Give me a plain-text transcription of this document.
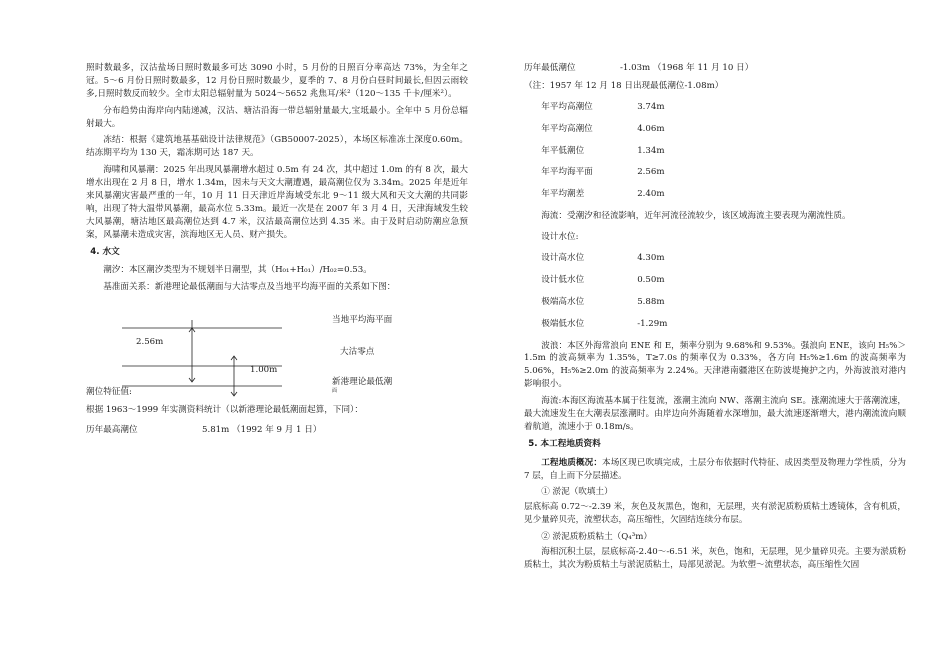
照时数最多，汉沽盐场日照时数最多可达 3090 小时，5 月份的日照百分率高达 73%，为全年之冠。5～6 月份日照时数最多，12 月份日照时数最少，夏季的 7、8 月份白昼时间最长,但因云雨较多,日照时数反而较少。全市太阳总辐射量为 5024～5652 兆焦耳/米²（120～135 千卡/厘米²）。

分布趋势由海岸向内陆递减，汉沽、塘沽沿海一带总辐射量最大,宝坻最小。全年中 5 月份总辐射最大。

冻结：根据《建筑地基基础设计法律规范》（GB50007-2025），本场区标准冻土深度0.60m。结冻期平均为 130 天，霜冻期可达 187 天。

海啸和风暴潮：2025 年出现风暴潮增水超过 0.5m 有 24 次，其中超过 1.0m 的有 8 次，最大增水出现在 2 月 8 日，增水 1.34m，因未与天文大潮遭遇，最高潮位仅为 3.34m。2025 年是近年来风暴潮灾害最严重的一年，10 月 11 日天津近岸海域受东北 9～11 级大风和天文大潮的共同影响，出现了特大温带风暴潮，最高水位 5.33m。最近一次是在 2007 年 3 月 4 日，天津海域发生较大风暴潮，塘沽地区最高潮位达到 4.7 米，汉沽最高潮位达到 4.35 米。由于及时启动防潮应急预案，风暴潮未造成灾害，滨海地区无人员、财产损失。

4. 水文

潮汐：本区潮汐类型为不规划半日潮型，其（H₀₁+H₀₁）/H₀₂=0.53。

基准面关系：新港理论最低潮面与大沽零点及当地平均海平面的关系如下图：

2.56m
1.00m
当地平均海平面
大沽零点
新港理论最低潮
面
潮位特征值:
根据 1963～1999 年实测资料统计（以新港理论最低潮面起算，下同）：
历年最高潮位	5.81m （1992 年 9 月 1 日）
历年最低潮位	-1.03m （1968 年 11 月 10 日）

（注：1957 年 12 月 18 日出现最低潮位-1.08m）

年平均高潮位	3.74m
年平均高潮位	4.06m
年平低潮位	1.34m
年平均海平面	2.56m
年平均潮差	2.40m

海流：受潮汐和径流影响，近年河流径流较少，该区域海流主要表现为潮流性质。

设计水位:

设计高水位	4.30m
设计低水位	0.50m
极端高水位	5.88m
极端低水位	-1.29m

波浪：本区外海常浪向 ENE 和 E，频率分别为 9.68%和 9.53%。强浪向 ENE，该向 H₅%＞1.5m 的波高频率为 1.35%，T≥7.0s 的频率仅为 0.33%，各方向 H₅%≥1.6m 的波高频率为 5.06%，H₅%≥2.0m 的波高频率为 2.24%。天津港南疆港区在防波堤掩护之内，外海波浪对港内影响很小。

海流:本海区海流基本属于往复流，涨潮主流向 NW、落潮主流向 SE。涨潮流速大于落潮流速，最大流速发生在大潮表层涨潮时。由岸边向外海随着水深增加，最大流速逐渐增大，港内潮流流向顺着航道，流速小于 0.18m/s。

5. 本工程地质资料

工程地质概况：本场区现已吹填完成，土层分布依据时代特征、成因类型及物理力学性质，分为 7 层，自上而下分层描述。

① 淤泥（吹填土）

层底标高 0.72～-2.39 米，灰色及灰黑色，饱和，无层理，夹有淤泥质粉质粘土透镜体，含有机质，见少量碎贝壳，流塑状态，高压缩性，欠固结连续分布层。

② 淤泥质粉质粘土（Q₄³m）

海相沉积土层，层底标高-2.40～-6.51 米，灰色，饱和，无层理，见少量碎贝壳。主要为淤质粉质粘土，其次为粉质粘土与淤泥质粘土，局部见淤泥。为软塑～流塑状态，高压缩性欠固
